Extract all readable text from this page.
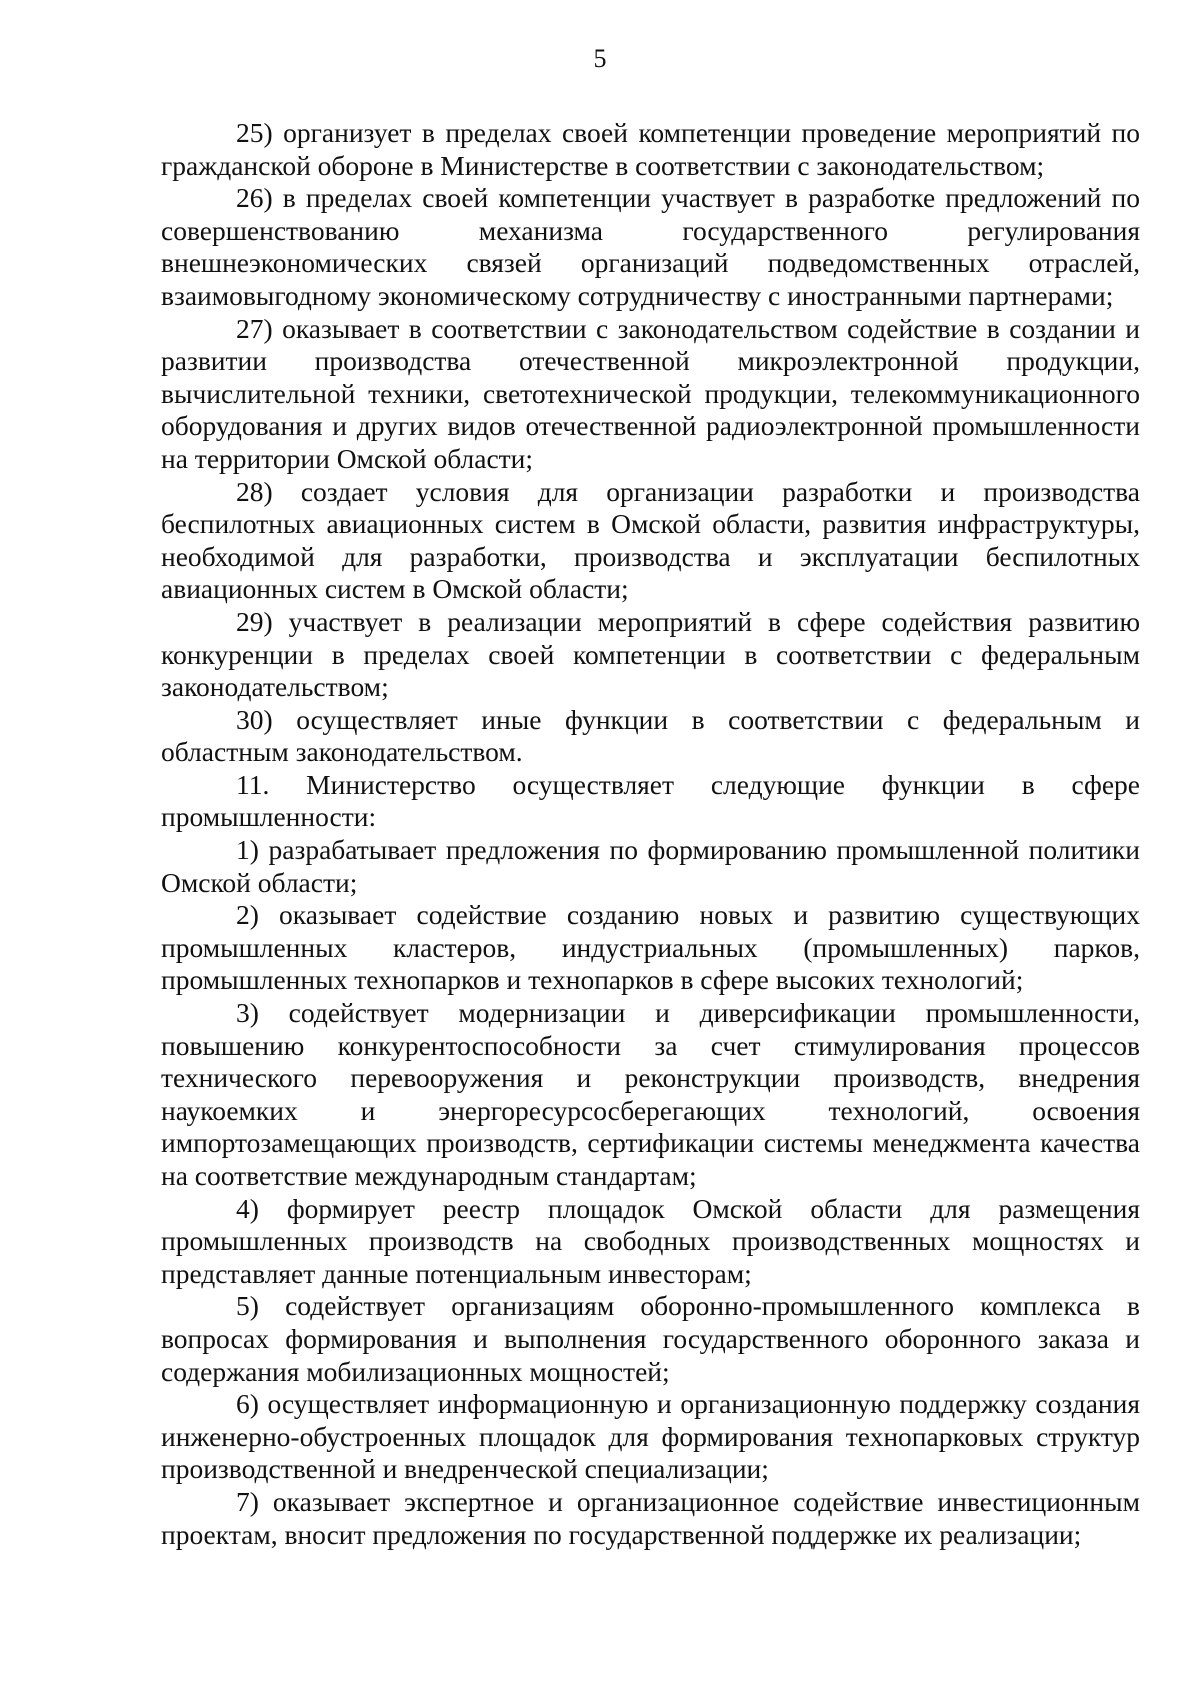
5

25) организует в пределах своей компетенции проведение мероприятий по гражданской обороне в Министерстве в соответствии с законодательством;

26) в пределах своей компетенции участвует в разработке предложений по совершенствованию механизма государственного регулирования внешнеэкономических связей организаций подведомственных отраслей, взаимовыгодному экономическому сотрудничеству с иностранными партнерами;

27) оказывает в соответствии с законодательством содействие в создании и развитии производства отечественной микроэлектронной продукции, вычислительной техники, светотехнической продукции, телекоммуникационного оборудования и других видов отечественной радиоэлектронной промышленности на территории Омской области;

28) создает условия для организации разработки и производства беспилотных авиационных систем в Омской области, развития инфраструктуры, необходимой для разработки, производства и эксплуатации беспилотных авиационных систем в Омской области;

29) участвует в реализации мероприятий в сфере содействия развитию конкуренции в пределах своей компетенции в соответствии с федеральным законодательством;

30) осуществляет иные функции в соответствии с федеральным и областным законодательством.

11. Министерство осуществляет следующие функции в сфере промышленности:

1) разрабатывает предложения по формированию промышленной политики Омской области;

2) оказывает содействие созданию новых и развитию существующих промышленных кластеров, индустриальных (промышленных) парков, промышленных технопарков и технопарков в сфере высоких технологий;

3) содействует модернизации и диверсификации промышленности, повышению конкурентоспособности за счет стимулирования процессов технического перевооружения и реконструкции производств, внедрения наукоемких и энергоресурсосберегающих технологий, освоения импортозамещающих производств, сертификации системы менеджмента качества на соответствие международным стандартам;

4) формирует реестр площадок Омской области для размещения промышленных производств на свободных производственных мощностях и представляет данные потенциальным инвесторам;

5) содействует организациям оборонно-промышленного комплекса в вопросах формирования и выполнения государственного оборонного заказа и содержания мобилизационных мощностей;

6) осуществляет информационную и организационную поддержку создания инженерно-обустроенных площадок для формирования технопарковых структур производственной и внедренческой специализации;

7) оказывает экспертное и организационное содействие инвестиционным проектам, вносит предложения по государственной поддержке их реализации;
